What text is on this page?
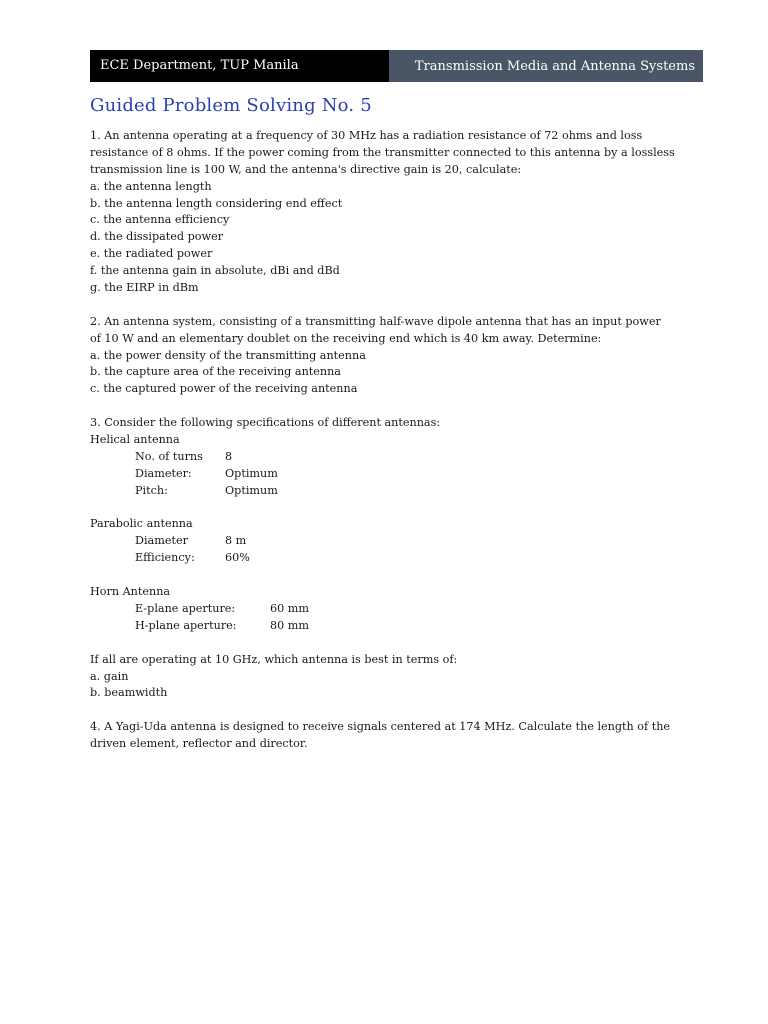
ECE Department, TUP Manila	Transmission Media and Antenna Systems
Guided Problem Solving No. 5
1. An antenna operating at a frequency of 30 MHz has a radiation resistance of 72 ohms and loss
resistance of 8 ohms. If the power coming from the transmitter connected to this antenna by a lossless
transmission line is 100 W, and the antenna's directive gain is 20, calculate:
a. the antenna length
b. the antenna length considering end effect
c. the antenna efficiency
d. the dissipated power
e. the radiated power
f. the antenna gain in absolute, dBi and dBd
g. the EIRP in dBm
2. An antenna system, consisting of a transmitting half-wave dipole antenna that has an input power
of 10 W and an elementary doublet on the receiving end which is 40 km away. Determine:
a. the power density of the transmitting antenna
b. the capture area of the receiving antenna
c. the captured power of the receiving antenna
3. Consider the following specifications of different antennas:
Helical antenna
No. of turns	8
Diameter:	Optimum
Pitch:	Optimum
Parabolic antenna
Diameter	8 m
Efficiency:	60%
Horn Antenna
E-plane aperture:	60 mm
H-plane aperture:	80 mm
If all are operating at 10 GHz, which antenna is best in terms of:
a. gain
b. beamwidth
4. A Yagi-Uda antenna is designed to receive signals centered at 174 MHz. Calculate the length of the
driven element, reflector and director.
